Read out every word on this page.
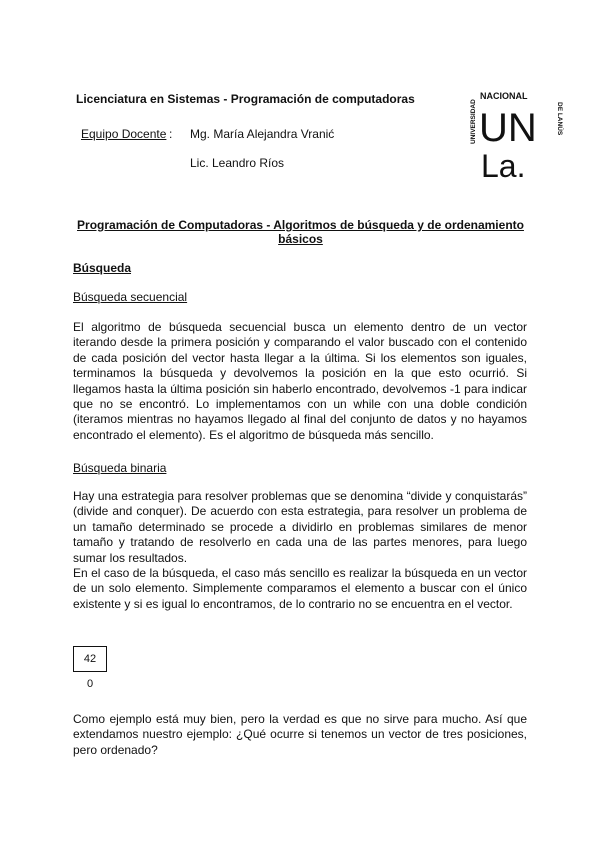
Licenciatura en Sistemas - Programación de computadoras
Equipo Docente : Mg. María Alejandra Vranić
Lic. Leandro Ríos
NACIONAL
UNIVERSIDAD	DE LANÚS
UN
La.
Programación de Computadoras - Algoritmos de búsqueda y de ordenamiento básicos
Búsqueda
Búsqueda secuencial

El algoritmo de búsqueda secuencial busca un elemento dentro de un vector iterando desde la primera posición y comparando el valor buscado con el contenido de cada posición del vector hasta llegar a la última. Si los elementos son iguales, terminamos la búsqueda y devolvemos la posición en la que esto ocurrió. Si llegamos hasta la última posición sin haberlo encontrado, devolvemos -1 para indicar que no se encontró. Lo implementamos con un while con una doble condición (iteramos mientras no hayamos llegado al final del conjunto de datos y no hayamos encontrado el elemento). Es el algoritmo de búsqueda más sencillo.

Búsqueda binaria

Hay una estrategia para resolver problemas que se denomina “divide y conquistarás” (divide and conquer). De acuerdo con esta estrategia, para resolver un problema de un tamaño determinado se procede a dividirlo en problemas similares de menor tamaño y tratando de resolverlo en cada una de las partes menores, para luego sumar los resultados.

En el caso de la búsqueda, el caso más sencillo es realizar la búsqueda en un vector de un solo elemento. Simplemente comparamos el elemento a buscar con el único existente y si es igual lo encontramos, de lo contrario no se encuentra en el vector.

42
0

Como ejemplo está muy bien, pero la verdad es que no sirve para mucho. Así que extendamos nuestro ejemplo: ¿Qué ocurre si tenemos un vector de tres posiciones, pero ordenado?
